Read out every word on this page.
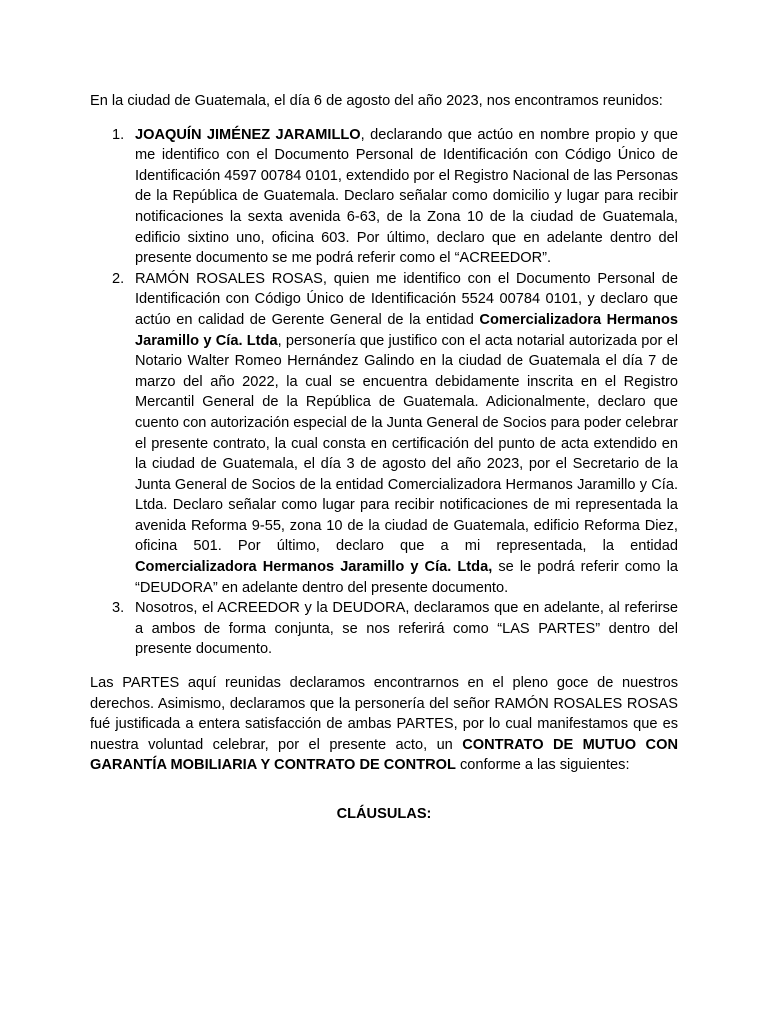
En la ciudad de Guatemala, el día 6 de agosto del año 2023, nos encontramos reunidos:

1. JOAQUÍN JIMÉNEZ JARAMILLO, declarando que actúo en nombre propio y que me identifico con el Documento Personal de Identificación con Código Único de Identificación 4597 00784 0101, extendido por el Registro Nacional de las Personas de la República de Guatemala. Declaro señalar como domicilio y lugar para recibir notificaciones la sexta avenida 6-63, de la Zona 10 de la ciudad de Guatemala, edificio sixtino uno, oficina 603. Por último, declaro que en adelante dentro del presente documento se me podrá referir como el “ACREEDOR”.
2. RAMÓN ROSALES ROSAS, quien me identifico con el Documento Personal de Identificación con Código Único de Identificación 5524 00784 0101, y declaro que actúo en calidad de Gerente General de la entidad Comercializadora Hermanos Jaramillo y Cía. Ltda, personería que justifico con el acta notarial autorizada por el Notario Walter Romeo Hernández Galindo en la ciudad de Guatemala el día 7 de marzo del año 2022, la cual se encuentra debidamente inscrita en el Registro Mercantil General de la República de Guatemala. Adicionalmente, declaro que cuento con autorización especial de la Junta General de Socios para poder celebrar el presente contrato, la cual consta en certificación del punto de acta extendido en la ciudad de Guatemala, el día 3 de agosto del año 2023, por el Secretario de la Junta General de Socios de la entidad Comercializadora Hermanos Jaramillo y Cía. Ltda. Declaro señalar como lugar para recibir notificaciones de mi representada la avenida Reforma 9-55, zona 10 de la ciudad de Guatemala, edificio Reforma Diez, oficina 501. Por último, declaro que a mi representada, la entidad Comercializadora Hermanos Jaramillo y Cía. Ltda, se le podrá referir como la “DEUDORA” en adelante dentro del presente documento.
3. Nosotros, el ACREEDOR y la DEUDORA, declaramos que en adelante, al referirse a ambos de forma conjunta, se nos referirá como “LAS PARTES” dentro del presente documento.

Las PARTES aquí reunidas declaramos encontrarnos en el pleno goce de nuestros derechos. Asimismo, declaramos que la personería del señor RAMÓN ROSALES ROSAS fué justificada a entera satisfacción de ambas PARTES, por lo cual manifestamos que es nuestra voluntad celebrar, por el presente acto, un CONTRATO DE MUTUO CON GARANTÍA MOBILIARIA Y CONTRATO DE CONTROL conforme a las siguientes:

CLÁUSULAS:
